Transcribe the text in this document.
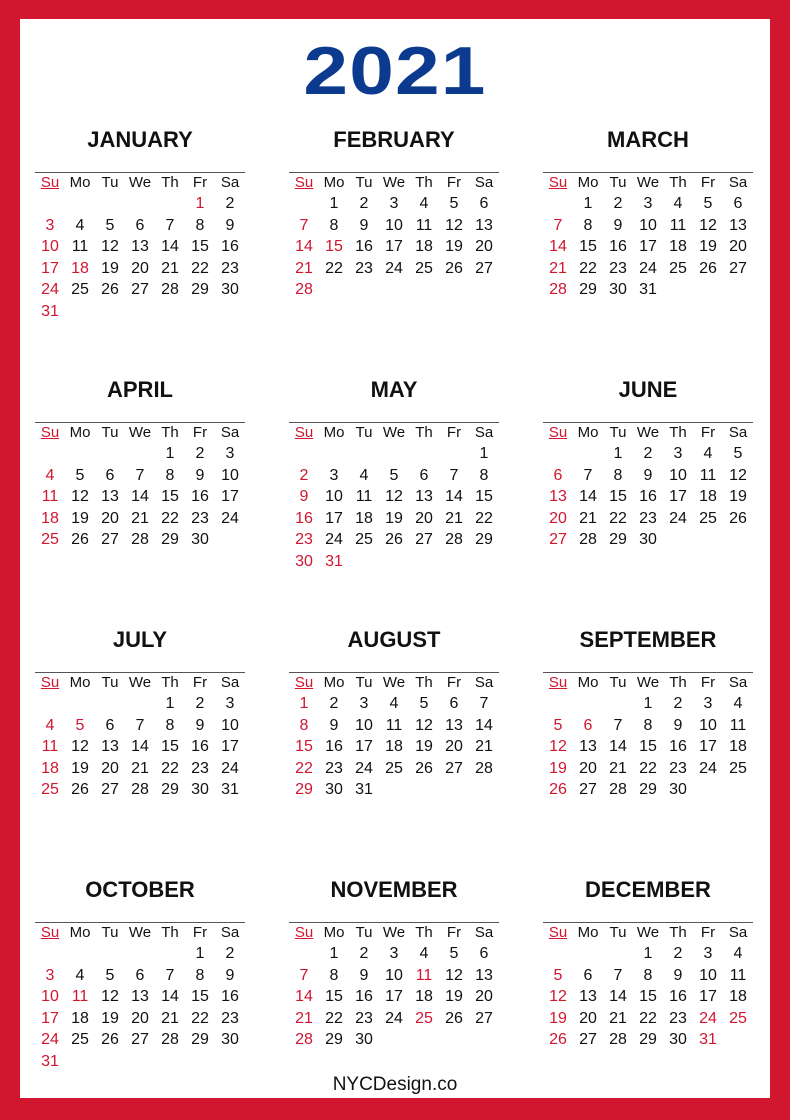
2021
JANUARY
Su	Mo	Tu	We	Th	Fr	Sa
					1	2
3	4	5	6	7	8	9
10	11	12	13	14	15	16
17	18	19	20	21	22	23
24	25	26	27	28	29	30
31						
FEBRUARY
Su	Mo	Tu	We	Th	Fr	Sa
	1	2	3	4	5	6
7	8	9	10	11	12	13
14	15	16	17	18	19	20
21	22	23	24	25	26	27
28						
MARCH
Su	Mo	Tu	We	Th	Fr	Sa
	1	2	3	4	5	6
7	8	9	10	11	12	13
14	15	16	17	18	19	20
21	22	23	24	25	26	27
28	29	30	31			
APRIL
Su	Mo	Tu	We	Th	Fr	Sa
				1	2	3
4	5	6	7	8	9	10
11	12	13	14	15	16	17
18	19	20	21	22	23	24
25	26	27	28	29	30	
MAY
Su	Mo	Tu	We	Th	Fr	Sa
						1
2	3	4	5	6	7	8
9	10	11	12	13	14	15
16	17	18	19	20	21	22
23	24	25	26	27	28	29
30	31					
JUNE
Su	Mo	Tu	We	Th	Fr	Sa
		1	2	3	4	5
6	7	8	9	10	11	12
13	14	15	16	17	18	19
20	21	22	23	24	25	26
27	28	29	30			
JULY
Su	Mo	Tu	We	Th	Fr	Sa
				1	2	3
4	5	6	7	8	9	10
11	12	13	14	15	16	17
18	19	20	21	22	23	24
25	26	27	28	29	30	31
AUGUST
Su	Mo	Tu	We	Th	Fr	Sa
1	2	3	4	5	6	7
8	9	10	11	12	13	14
15	16	17	18	19	20	21
22	23	24	25	26	27	28
29	30	31				
SEPTEMBER
Su	Mo	Tu	We	Th	Fr	Sa
			1	2	3	4
5	6	7	8	9	10	11
12	13	14	15	16	17	18
19	20	21	22	23	24	25
26	27	28	29	30		
OCTOBER
Su	Mo	Tu	We	Th	Fr	Sa
					1	2
3	4	5	6	7	8	9
10	11	12	13	14	15	16
17	18	19	20	21	22	23
24	25	26	27	28	29	30
31						
NOVEMBER
Su	Mo	Tu	We	Th	Fr	Sa
	1	2	3	4	5	6
7	8	9	10	11	12	13
14	15	16	17	18	19	20
21	22	23	24	25	26	27
28	29	30				
DECEMBER
Su	Mo	Tu	We	Th	Fr	Sa
			1	2	3	4
5	6	7	8	9	10	11
12	13	14	15	16	17	18
19	20	21	22	23	24	25
26	27	28	29	30	31	
NYCDesign.co
